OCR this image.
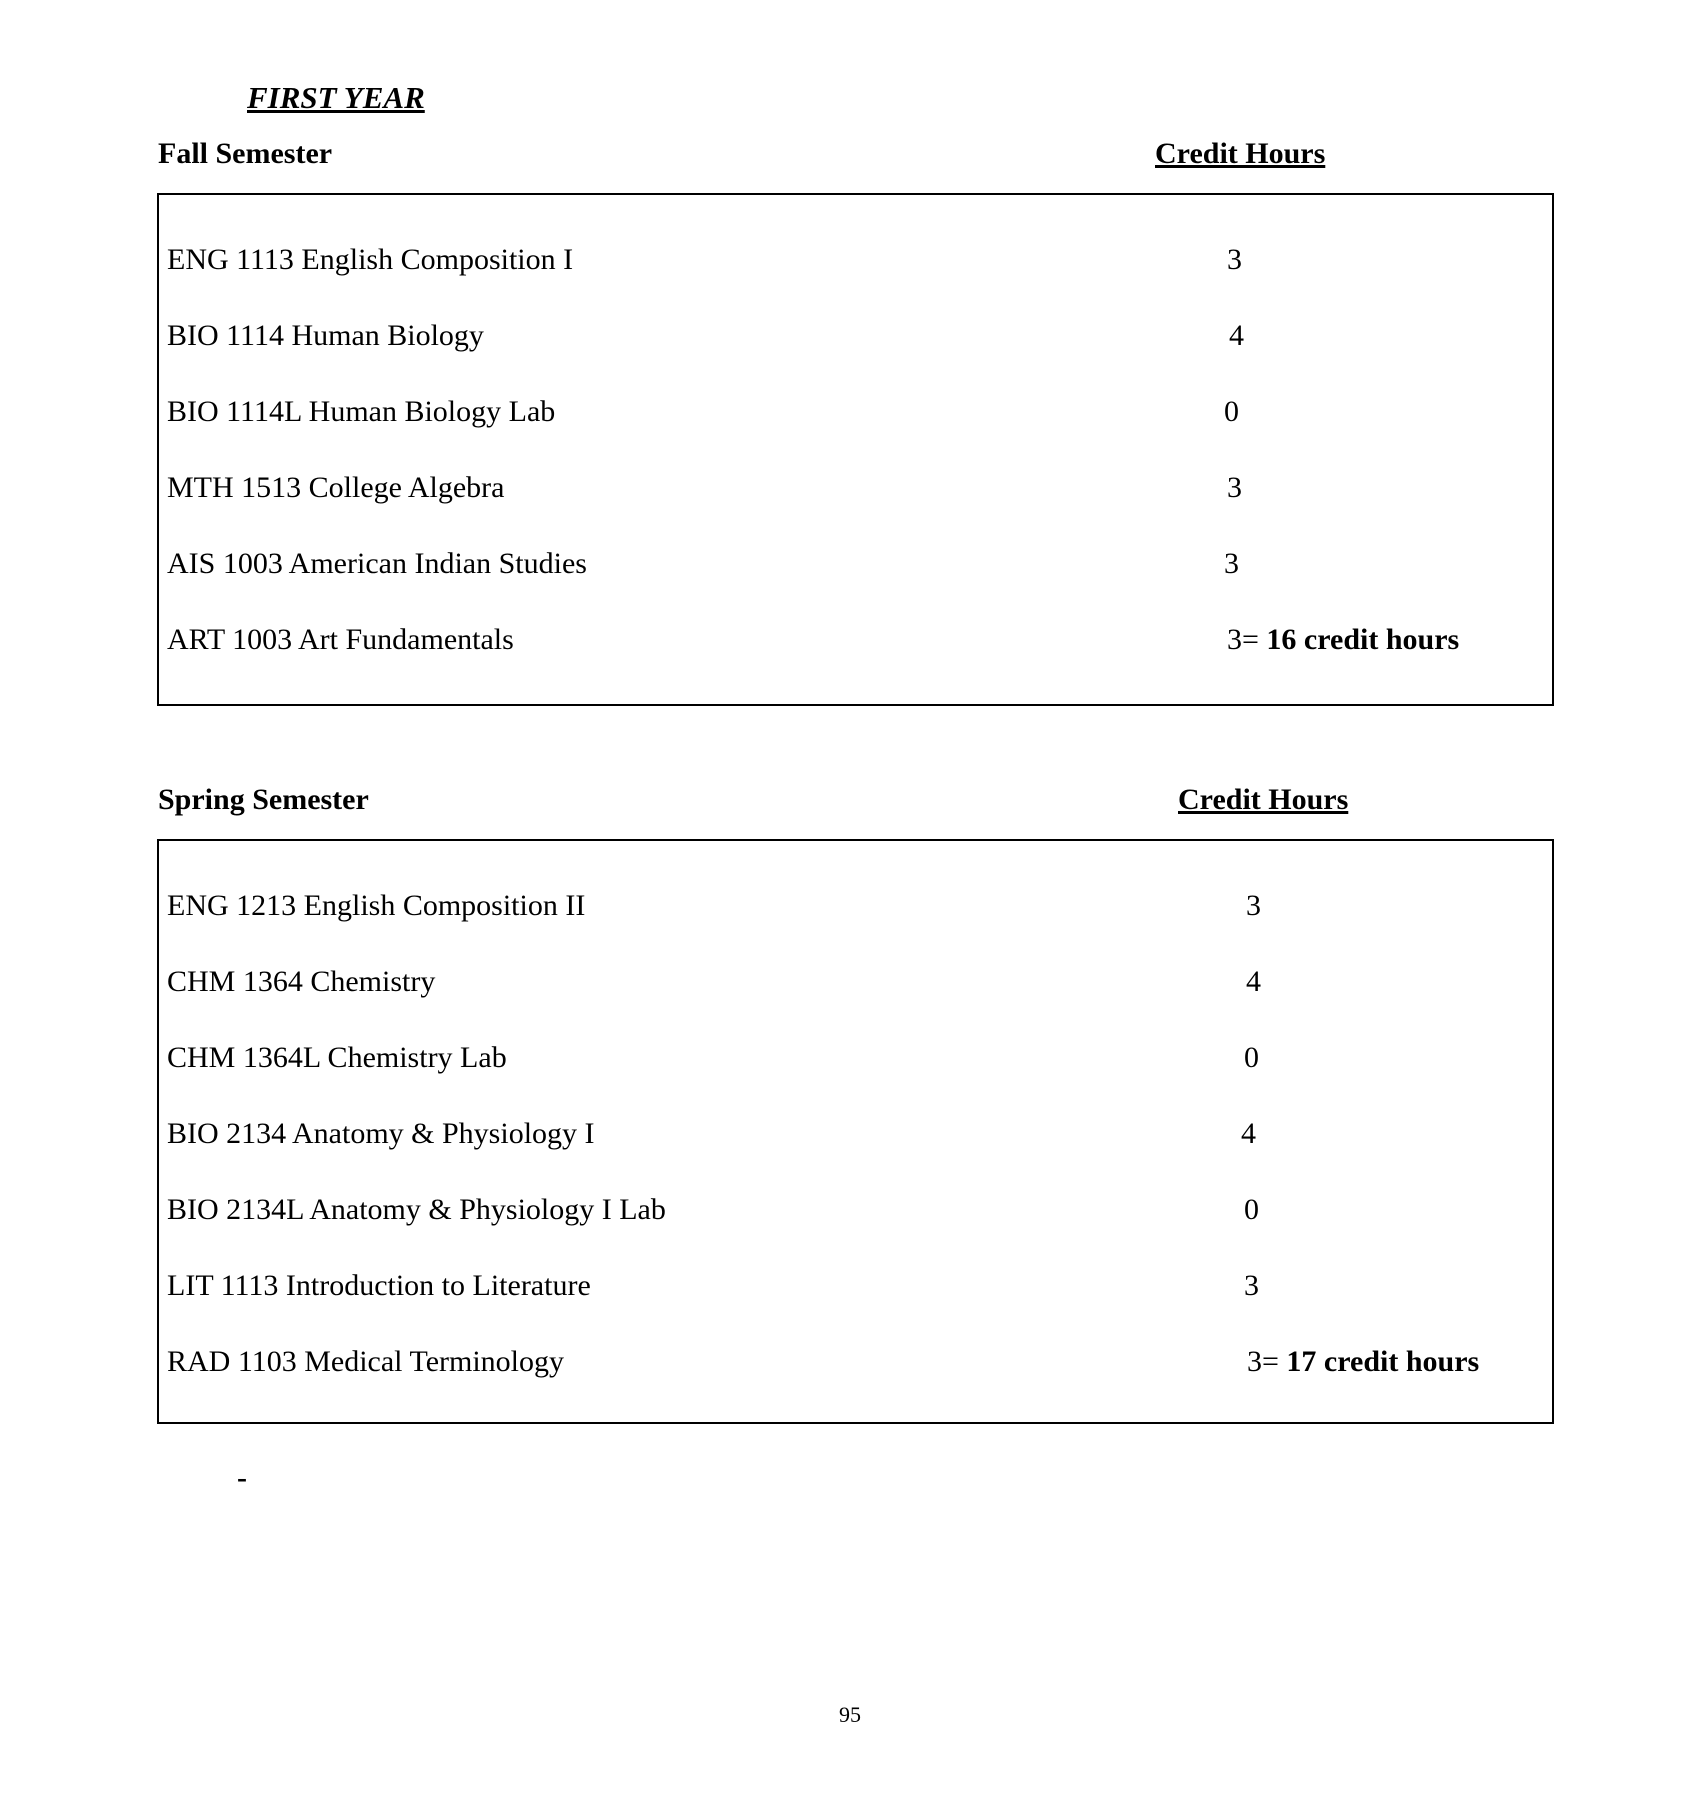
FIRST YEAR
Fall Semester	Credit Hours
ENG 1113 English Composition I	3
BIO 1114 Human Biology	4
BIO 1114L Human Biology Lab	0
MTH 1513 College Algebra	3
AIS 1003 American Indian Studies	3
ART 1003 Art Fundamentals	3= 16 credit hours
Spring Semester	Credit Hours
ENG 1213 English Composition II	3
CHM 1364 Chemistry	4
CHM 1364L Chemistry Lab	0
BIO 2134 Anatomy & Physiology I	4
BIO 2134L Anatomy & Physiology I Lab	0
LIT 1113 Introduction to Literature	3
RAD 1103 Medical Terminology	3= 17 credit hours
-
95
